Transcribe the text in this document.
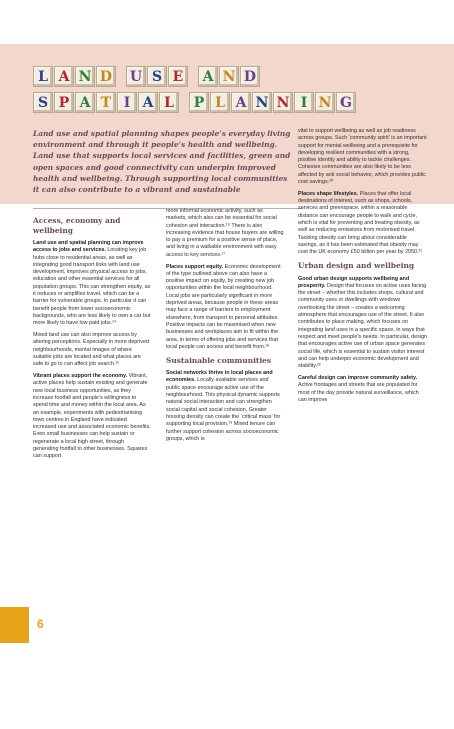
L A N D U S E	A N D
S P A T I A L	P L A N N I N G
Land use and spatial planning shapes people’s everyday living environment and through it people’s health and wellbeing. Land use that supports local services and facilities, green and open spaces and good connectivity can underpin improved health and wellbeing. Through supporting local communities it can also contribute to a vibrant and sustainable
Access, economy and wellbeing

Land use and spatial planning can improve access to jobs and services. Locating key job hubs close to residential areas, as well as integrating good transport links with land use development, improves physical access to jobs, education and other essential services for all population groups. This can strengthen equity, as it reduces or amplifies travel, which can be a barrier for vulnerable groups. In particular it can benefit people from lower socioeconomic backgrounds, who are less likely to own a car but more likely to have low paid jobs.¹⁴

Mixed land use can also improve access by altering perceptions. Especially in more deprived neighbourhoods, mental images of where suitable jobs are located and what places are safe to go to can affect job search.¹⁵

Vibrant places support the economy. Vibrant, active places help sustain existing and generate new local business opportunities, as they increase footfall and people’s willingness to spend time and money within the local area. As an example, experiments with pedestrianising town centres in England have indicated increased use and associated economic benefits. Even small businesses can help sustain or regenerate a local high street, through generating footfall to other businesses. Squares can support

more informal economic activity, such as markets, which also can be essential for social cohesion and interaction.¹⁶ There is also increasing evidence that house buyers are willing to pay a premium for a positive sense of place, and living in a walkable environment with easy access to key services.¹⁷

Places support equity. Economic development of the type outlined above can also have a positive impact on equity, by creating new job opportunities within the local neighbourhood. Local jobs are particularly significant in more deprived areas, because people in these areas may face a range of barriers to employment elsewhere, from transport to personal attitudes. Positive impacts can be maximised when new businesses and workplaces aim to fit within the area, in terms of offering jobs and services that local people can access and benefit from.¹⁸

Sustainable communities

Social networks thrive in local places and economies. Locally available services and public space encourage active use of the neighbourhood. This physical dynamic supports natural social interaction and can strengthen social capital and social cohesion. Greater housing density can create the ‘critical mass’ for supporting local provision.¹⁹ Mixed tenure can further support cohesion across socioeconomic groups, which is

vital to support wellbeing as well as job readiness across groups. Such ‘community spirit’ is an important support for mental wellbeing and a prerequisite for developing resilient communities with a strong, positive identity and ability to tackle challenges. Cohesive communities are also likely to be less affected by anti social behavior, which provides public cost savings.²⁰

Places shape lifestyles. Places that offer local destinations of interest, such as shops, schools, services and greenspace, within a reasonable distance can encourage people to walk and cycle, which is vital for preventing and treating obesity, as well as reducing emissions from motorised travel. Tackling obesity can bring about considerable savings, as it has been estimated that obesity may cost the UK economy £50 billion per year by 2050.²¹

Urban design and wellbeing

Good urban design supports wellbeing and prosperity. Design that focuses on active uses facing the street – whether this includes shops, cultural and community uses or dwellings with windows overlooking the street – creates a welcoming atmosphere that encourages use of the street. It also contributes to place making, which focuses on integrating land uses in a specific space, in ways that respect and meet people’s needs. In particular, design that encourages active use of urban space generates social life, which is essential to sustain visitor interest and can help underpin economic development and stability.²²

Careful design can improve community safety. Active frontages and streets that are populated for most of the day provide natural surveillance, which can improve

6
